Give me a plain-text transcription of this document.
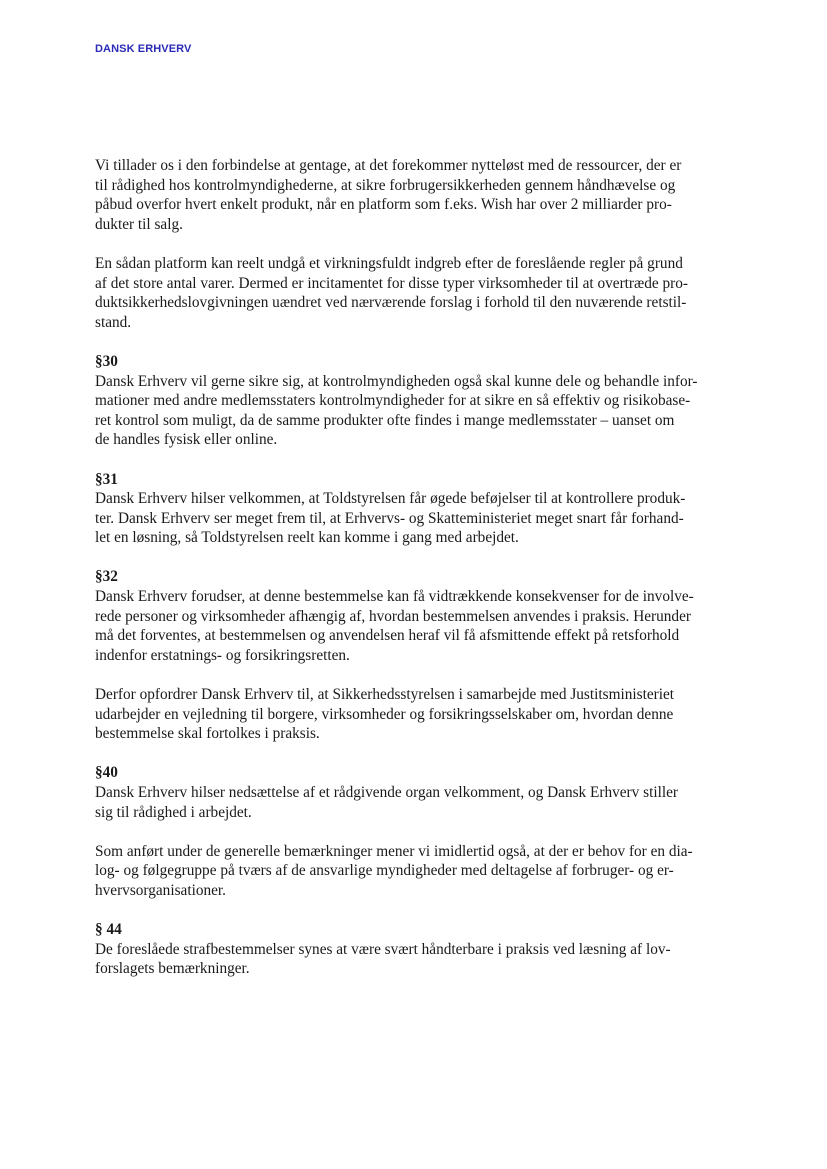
DANSK ERHVERV
Vi tillader os i den forbindelse at gentage, at det forekommer nytteløst med de ressourcer, der er
til rådighed hos kontrolmyndighederne, at sikre forbrugersikkerheden gennem håndhævelse og
påbud overfor hvert enkelt produkt, når en platform som f.eks. Wish har over 2 milliarder pro-
dukter til salg.
En sådan platform kan reelt undgå et virkningsfuldt indgreb efter de foreslående regler på grund
af det store antal varer. Dermed er incitamentet for disse typer virksomheder til at overtræde pro-
duktsikkerhedslovgivningen uændret ved nærværende forslag i forhold til den nuværende retstil-
stand.
§30
Dansk Erhverv vil gerne sikre sig, at kontrolmyndigheden også skal kunne dele og behandle infor-
mationer med andre medlemsstaters kontrolmyndigheder for at sikre en så effektiv og risikobase-
ret kontrol som muligt, da de samme produkter ofte findes i mange medlemsstater – uanset om
de handles fysisk eller online.
§31
Dansk Erhverv hilser velkommen, at Toldstyrelsen får øgede beføjelser til at kontrollere produk-
ter. Dansk Erhverv ser meget frem til, at Erhvervs- og Skatteministeriet meget snart får forhand-
let en løsning, så Toldstyrelsen reelt kan komme i gang med arbejdet.
§32
Dansk Erhverv forudser, at denne bestemmelse kan få vidtrækkende konsekvenser for de involve-
rede personer og virksomheder afhængig af, hvordan bestemmelsen anvendes i praksis. Herunder
må det forventes, at bestemmelsen og anvendelsen heraf vil få afsmittende effekt på retsforhold
indenfor erstatnings- og forsikringsretten.
Derfor opfordrer Dansk Erhverv til, at Sikkerhedsstyrelsen i samarbejde med Justitsministeriet
udarbejder en vejledning til borgere, virksomheder og forsikringsselskaber om, hvordan denne
bestemmelse skal fortolkes i praksis.
§40
Dansk Erhverv hilser nedsættelse af et rådgivende organ velkomment, og Dansk Erhverv stiller
sig til rådighed i arbejdet.
Som anført under de generelle bemærkninger mener vi imidlertid også, at der er behov for en dia-
log- og følgegruppe på tværs af de ansvarlige myndigheder med deltagelse af forbruger- og er-
hvervsorganisationer.
§ 44
De foreslåede strafbestemmelser synes at være svært håndterbare i praksis ved læsning af lov-
forslagets bemærkninger.
